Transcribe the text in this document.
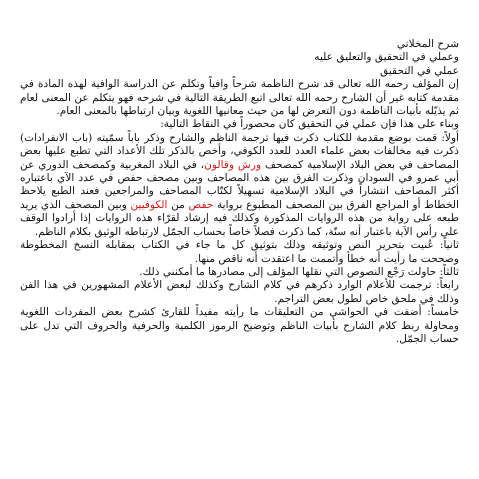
شرح المخلاتي
وعملي في التحقيق والتعليق عليه
عملي في التحقيق

إن المؤلف رحمه الله تعالى قد شرح الناظمة شرحاً وافياً وتكلم عن الدراسة الوافية لهذه المادة في مقدمة كتابه غير أن الشارح رحمه الله تعالى اتبع الطريقة التالية في شرحه فهو يتكلم عن المعنى لعام ثم يذيّله بأبيات الناظمة دون التعرض لها من حيث معانيها اللغوية وبيان ارتباطها بالمعنى العام.

وبناء على هذا فإن عملي في التحقيق كان محصوراً في النقاط التالية:

أولاً: قمت بوضع مقدمة للكتاب ذكرت فيها ترجمة الناظم والشارح وذكر باباً سمّيته (باب الانفرادات) ذكرت فيه مخالفات بعض علماء العدد للعدد الكوفي، وأخص بالذكر تلك الأعداد التي تطبع عليها بعض المصاحف في بعض البلاد الإسلامية كمصحف ورش وقالون، في البلاد المغربية وكمصحف الدوري عن أبي عمرو في السودان وذكرت الفرق بين هذه المصاحف وبين مصحف حفص في عدد الآي باعتباره أكثر المصاحف انتشاراً في البلاد الإسلامية تسهيلاً لكتّاب المصاحف والمراجعين فعند الطبع يلاحظ الخطاط أو المراجع الفرق بين المصحف المطبوع برواية حفص من الكوفيين وبين المصحف الذي يريد طبعه على رواية من هذه الروايات المذكورة وكذلك فيه إرشاد لقرّاء هذه الروايات إذا أرادوا الوقف على رأس الآية باعتبار أنه سنّة، كما ذكرت فصلاً خاصاً بحساب الجمّل لارتباطه الوثيق بكلام الناظم.

ثانياً: عُنيت بتحرير النص وتوثيقه وذلك بتوثيق كل ما جاء في الكتاب بمقابله النسخ المخطوطة وصححت ما رأيت أنه خطأ وأتممت ما اعتقدت أنه ناقص منها.

ثالثاً: حاولت رَجْع النصوص التي نقلها المؤلف إلى مصادرها ما أمكنني ذلك.

رابعاً: ترجمت للأعلام الوارد ذكرهم في كلام الشارح وكذلك لبعض الأعلام المشهورين في هذا الفن وذلك في ملحق خاص لطول بعض التراجم.

خامساً: أضفت في الحواشي من التعليقات ما رأيته مفيداً للقارئ كشرح بعض المفردات اللغوية ومحاولة ربط كلام الشارح بأبيات الناظم وتوضيح الرموز الكلمية والحرفية والحروف التي تدل على حساب الجمّل.
